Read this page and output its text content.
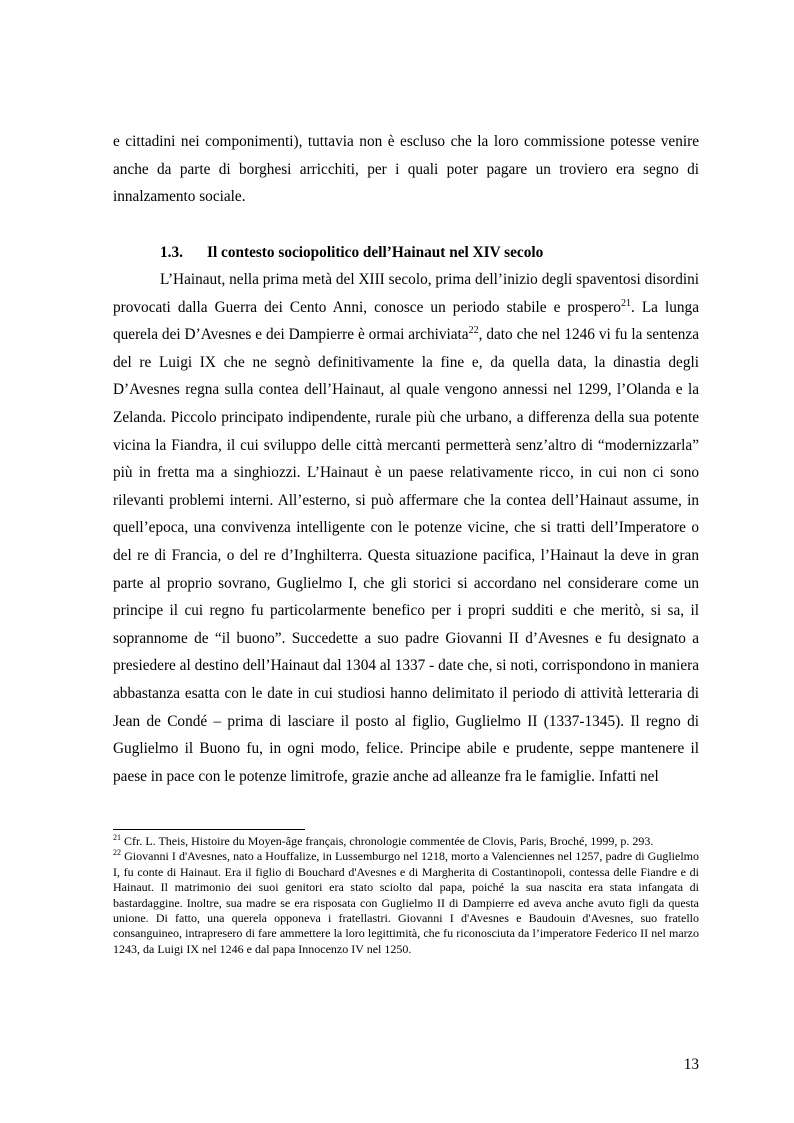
e cittadini nei componimenti), tuttavia non è escluso che la loro commissione potesse venire anche da parte di borghesi arricchiti, per i quali poter pagare un troviero era segno di innalzamento sociale.

1.3. Il contesto sociopolitico dell’Hainaut nel XIV secolo

L’Hainaut, nella prima metà del XIII secolo, prima dell’inizio degli spaventosi disordini provocati dalla Guerra dei Cento Anni, conosce un periodo stabile e prospero$^{21}$. La lunga querela dei D’Avesnes e dei Dampierre è ormai archiviata$^{22}$, dato che nel 1246 vi fu la sentenza del re Luigi IX che ne segnò definitivamente la fine e, da quella data, la dinastia degli D’Avesnes regna sulla contea dell’Hainaut, al quale vengono annessi nel 1299, l’Olanda e la Zelanda. Piccolo principato indipendente, rurale più che urbano, a differenza della sua potente vicina la Fiandra, il cui sviluppo delle città mercanti permetterà senz’altro di “modernizzarla” più in fretta ma a singhiozzi. L’Hainaut è un paese relativamente ricco, in cui non ci sono rilevanti problemi interni. All’esterno, si può affermare che la contea dell’Hainaut assume, in quell’epoca, una convivenza intelligente con le potenze vicine, che si tratti dell’Imperatore o del re di Francia, o del re d’Inghilterra. Questa situazione pacifica, l’Hainaut la deve in gran parte al proprio sovrano, Guglielmo I, che gli storici si accordano nel considerare come un principe il cui regno fu particolarmente benefico per i propri sudditi e che meritò, si sa, il soprannome de “il buono”. Succedette a suo padre Giovanni II d’Avesnes e fu designato a presiedere al destino dell’Hainaut dal 1304 al 1337 - date che, si noti, corrispondono in maniera abbastanza esatta con le date in cui studiosi hanno delimitato il periodo di attività letteraria di Jean de Condé – prima di lasciare il posto al figlio, Guglielmo II (1337-1345). Il regno di Guglielmo il Buono fu, in ogni modo, felice. Principe abile e prudente, seppe mantenere il paese in pace con le potenze limitrofe, grazie anche ad alleanze fra le famiglie. Infatti nel

$^{21}$ Cfr. L. Theis, Histoire du Moyen-âge français, chronologie commentée de Clovis, Paris, Broché, 1999, p. 293.

$^{22}$ Giovanni I d'Avesnes, nato a Houffalize, in Lussemburgo nel 1218, morto a Valenciennes nel 1257, padre di Guglielmo I, fu conte di Hainaut. Era il figlio di Bouchard d'Avesnes e di Margherita di Costantinopoli, contessa delle Fiandre e di Hainaut. Il matrimonio dei suoi genitori era stato sciolto dal papa, poiché la sua nascita era stata infangata di bastardaggine. Inoltre, sua madre se era risposata con Guglielmo II di Dampierre ed aveva anche avuto figli da questa unione. Di fatto, una querela opponeva i fratellastri. Giovanni I d'Avesnes e Baudouin d'Avesnes, suo fratello consanguineo, intrapresero di fare ammettere la loro legittimità, che fu riconosciuta da l’imperatore Federico II nel marzo 1243, da Luigi IX nel 1246 e dal papa Innocenzo IV nel 1250.

13
